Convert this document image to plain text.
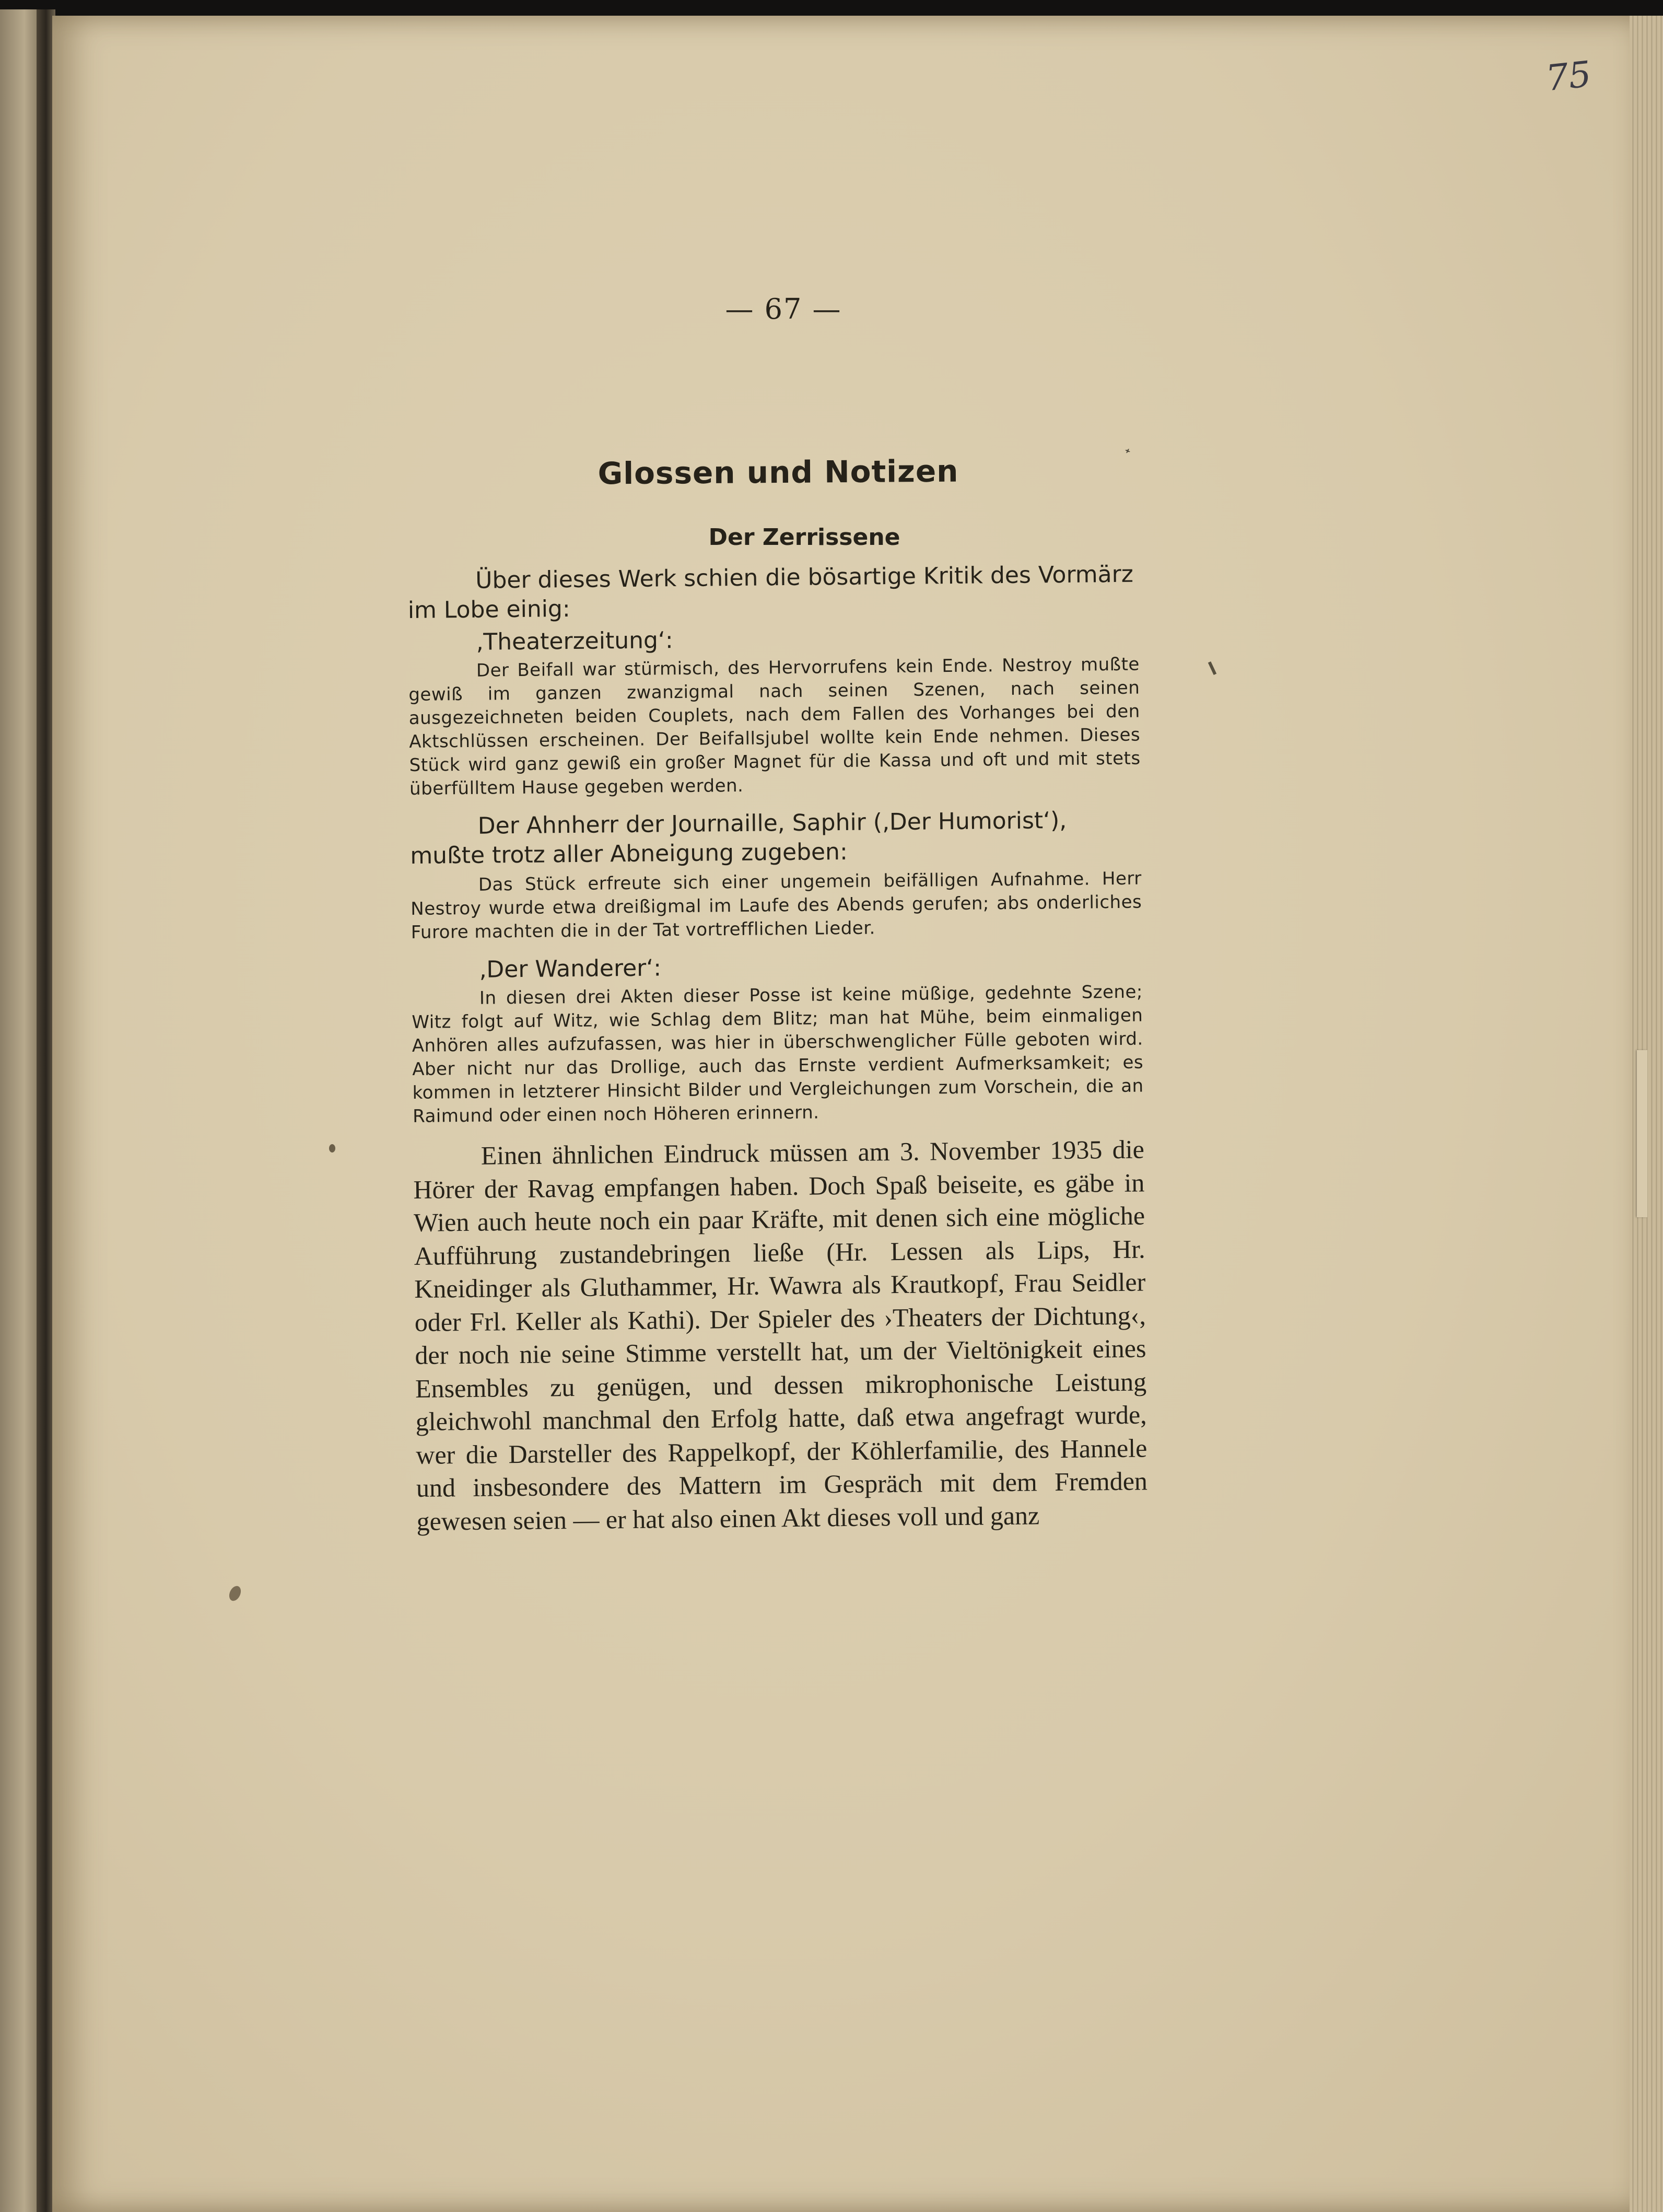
75
— 67 —
Glossen und Notizen
Der Zerrissene

Über dieses Werk schien die bösartige Kritik des Vormärz im Lobe einig:

‚Theaterzeitung‘:

Der Beifall war stürmisch, des Hervorrufens kein Ende. Nestroy mußte gewiß im ganzen zwanzigmal nach seinen Szenen, nach seinen ausgezeichneten beiden Couplets, nach dem Fallen des Vorhanges bei den Aktschlüssen erscheinen. Der Beifallsjubel wollte kein Ende nehmen. Dieses Stück wird ganz gewiß ein großer Magnet für die Kassa und oft und mit stets überfülltem Hause gegeben werden.

Der Ahnherr der Journaille, Saphir (‚Der Humorist‘), mußte trotz aller Abneigung zugeben:

Das Stück erfreute sich einer ungemein beifälligen Aufnahme. Herr Nestroy wurde etwa dreißigmal im Laufe des Abends gerufen; abs onderliches Furore machten die in der Tat vortrefflichen Lieder.

‚Der Wanderer‘:

In diesen drei Akten dieser Posse ist keine müßige, gedehnte Szene; Witz folgt auf Witz, wie Schlag dem Blitz; man hat Mühe, beim einmaligen Anhören alles aufzufassen, was hier in überschwenglicher Fülle geboten wird. Aber nicht nur das Drollige, auch das Ernste verdient Aufmerksamkeit; es kommen in letzterer Hinsicht Bilder und Vergleichungen zum Vorschein, die an Raimund oder einen noch Höheren erinnern.

Einen ähnlichen Eindruck müssen am 3. November 1935 die Hörer der Ravag empfangen haben. Doch Spaß beiseite, es gäbe in Wien auch heute noch ein paar Kräfte, mit denen sich eine mögliche Aufführung zustandebringen ließe (Hr. Lessen als Lips, Hr. Kneidinger als Gluthammer, Hr. Wawra als Krautkopf, Frau Seidler oder Frl. Keller als Kathi). Der Spieler des ›Theaters der Dichtung‹, der noch nie seine Stimme verstellt hat, um der Vieltönigkeit eines Ensembles zu genügen, und dessen mikrophonische Leistung gleichwohl manchmal den Erfolg hatte, daß etwa angefragt wurde, wer die Darsteller des Rappelkopf, der Köhlerfamilie, des Hannele und insbesondere des Mattern im Gespräch mit dem Fremden gewesen seien — er hat also einen Akt dieses voll und ganz

˟
